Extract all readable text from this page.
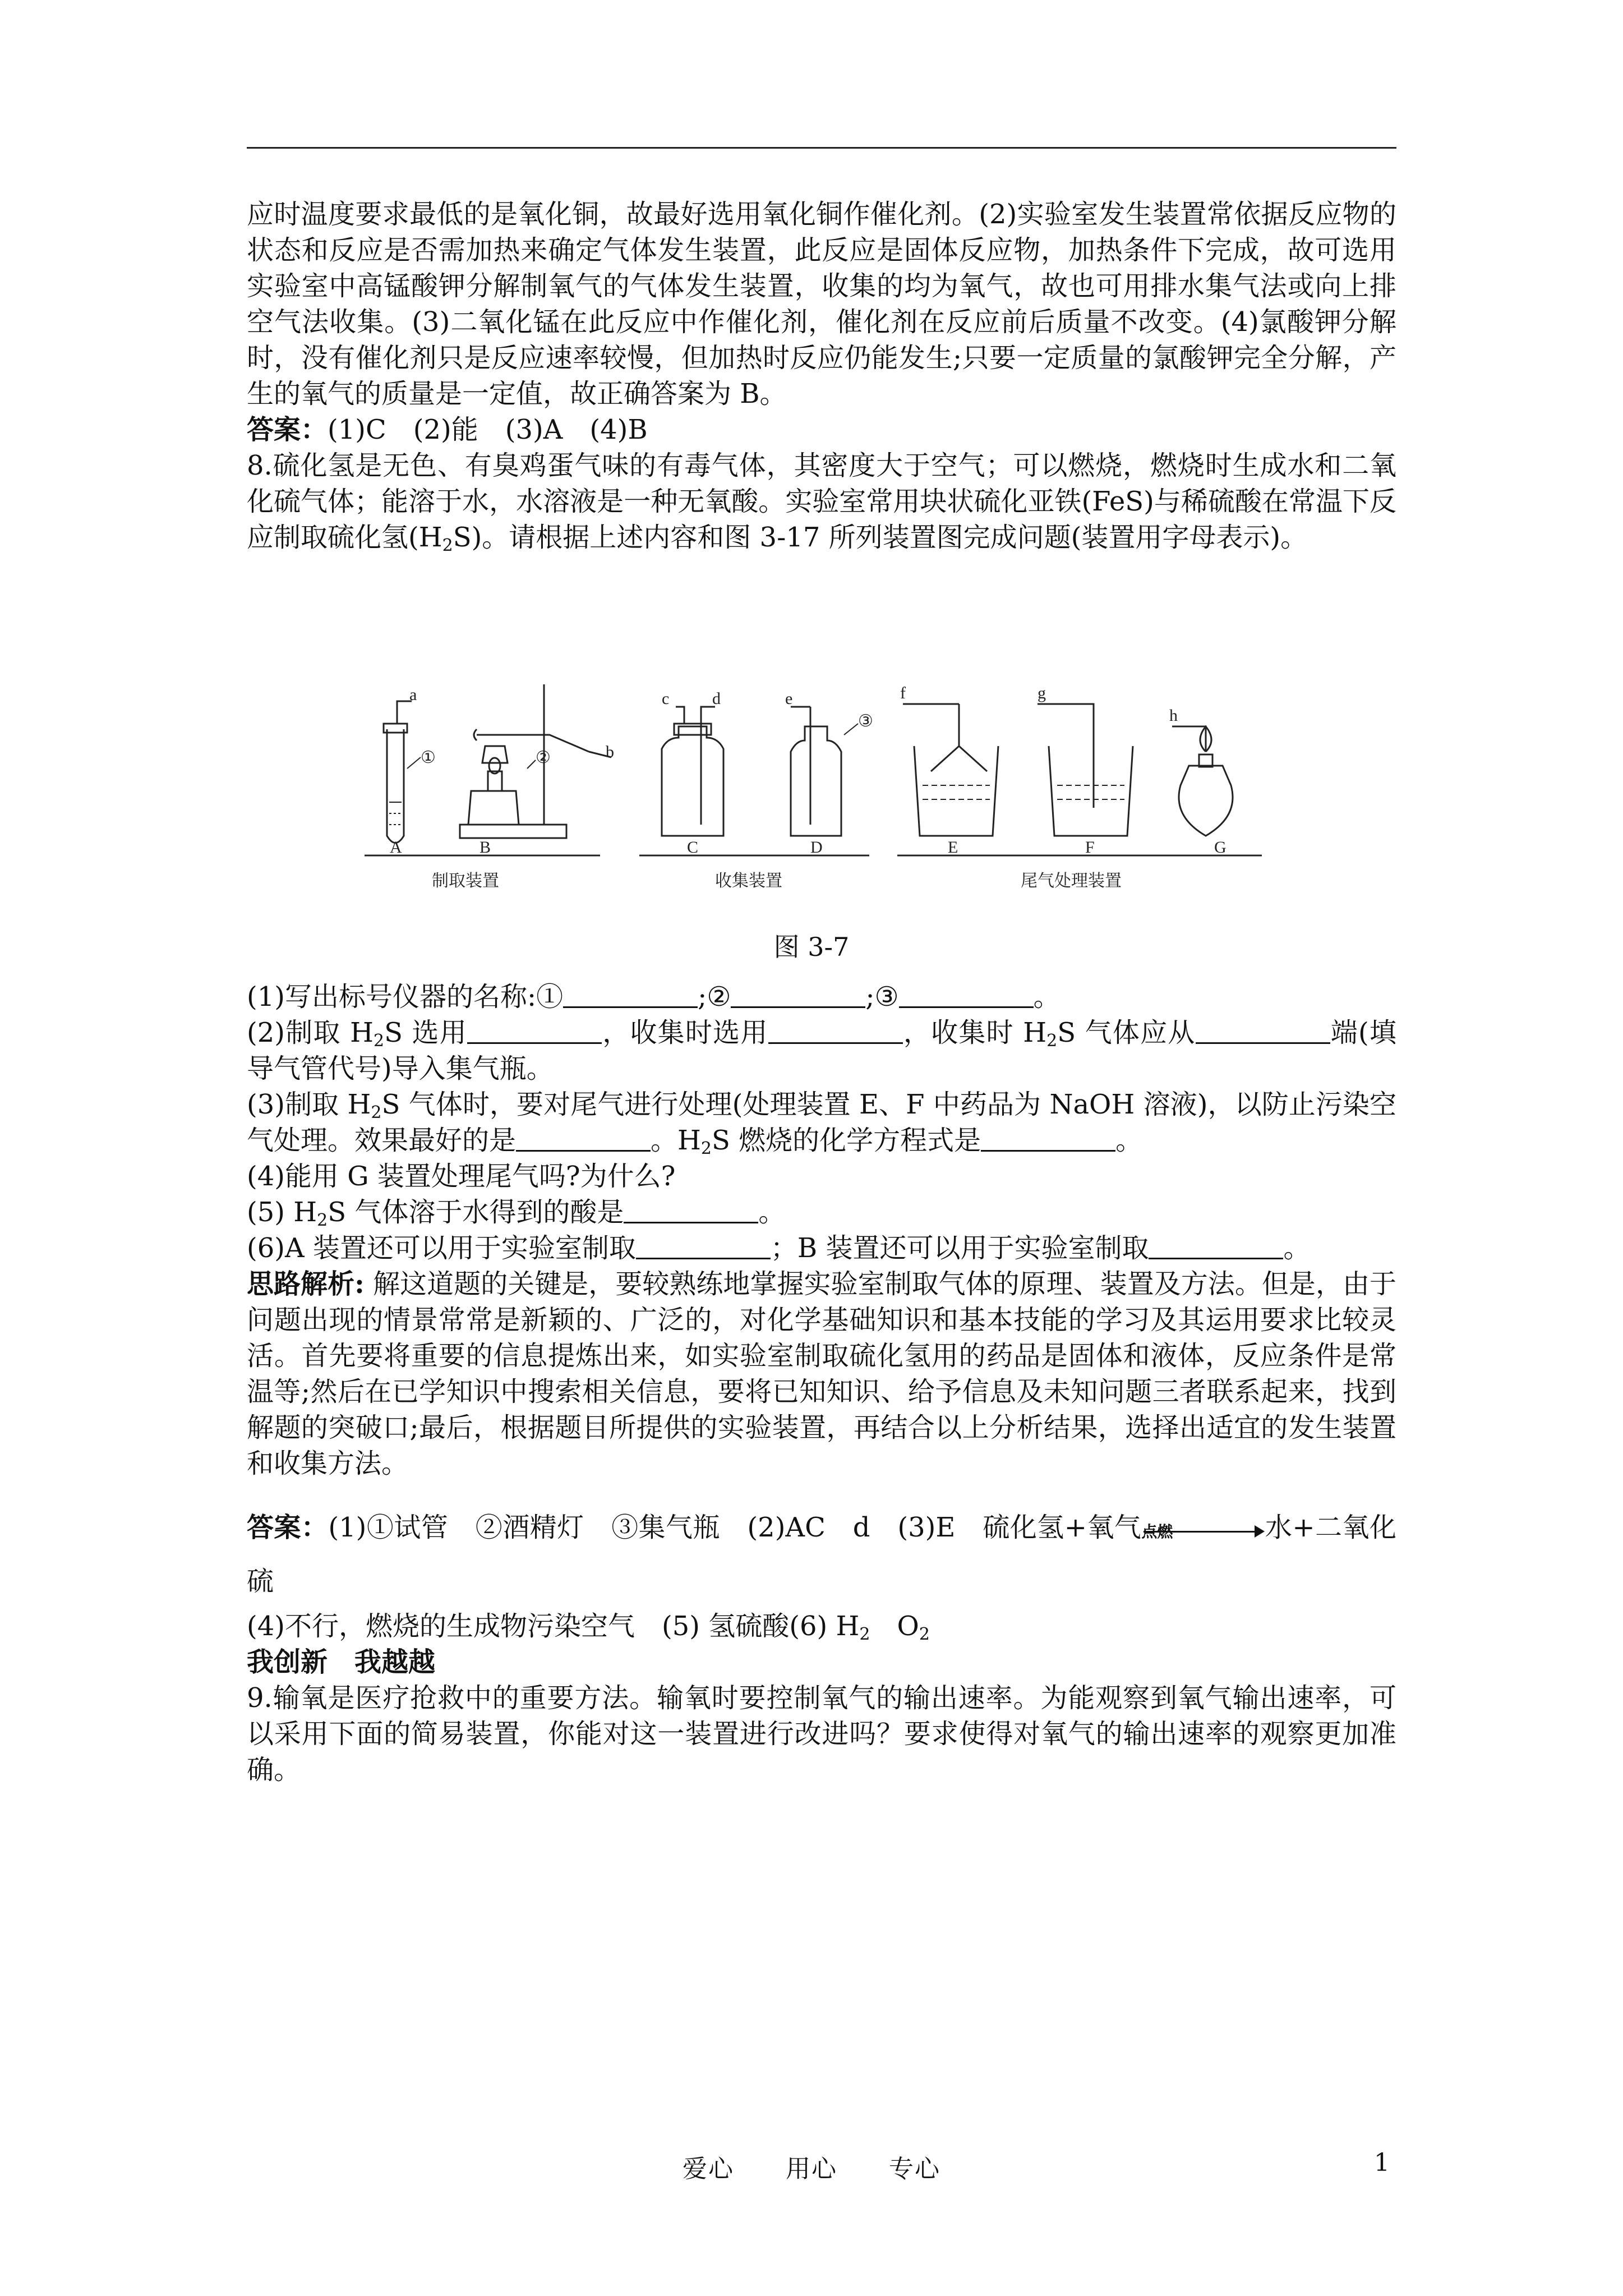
应时温度要求最低的是氧化铜，故最好选用氧化铜作催化剂。(2)实验室发生装置常依据反应物的状态和反应是否需加热来确定气体发生装置，此反应是固体反应物，加热条件下完成，故可选用实验室中高锰酸钾分解制氧气的气体发生装置，收集的均为氧气，故也可用排水集气法或向上排空气法收集。(3)二氧化锰在此反应中作催化剂，催化剂在反应前后质量不改变。(4)氯酸钾分解时，没有催化剂只是反应速率较慢，但加热时反应仍能发生;只要一定质量的氯酸钾完全分解，产生的氧气的质量是一定值，故正确答案为 B。

答案：(1)C　(2)能　(3)A　(4)B

8.硫化氢是无色、有臭鸡蛋气味的有毒气体，其密度大于空气；可以燃烧，燃烧时生成水和二氧化硫气体；能溶于水，水溶液是一种无氧酸。实验室常用块状硫化亚铁(FeS)与稀硫酸在常温下反应制取硫化氢$(H_2S)$。请根据上述内容和图 3-17 所列装置图完成问题(装置用字母表示)。

a
b
c	d	e	f	g
h
①	②
③
A	B	C	D	E	F	G
制取装置	收集装置	尾气处理装置
图 3-7

(1)写出标号仪器的名称:①	;②	;③	。

(2)制取 $H_2S$ 选用	，收集时选用	，收集时 $H_2S$ 气体应从	端(填导气管代号)导入集气瓶。

(3)制取 $H_2S$ 气体时，要对尾气进行处理(处理装置 E、F 中药品为 NaOH 溶液)，以防止污染空气处理。效果最好的是	。$H_2S$ 燃烧的化学方程式是	。

(4)能用 G 装置处理尾气吗?为什么?

(5) $H_2S$ 气体溶于水得到的酸是	。

(6)A 装置还可以用于实验室制取	；B 装置还可以用于实验室制取	。

思路解析: 解这道题的关键是，要较熟练地掌握实验室制取气体的原理、装置及方法。但是，由于问题出现的情景常常是新颖的、广泛的，对化学基础知识和基本技能的学习及其运用要求比较灵活。首先要将重要的信息提炼出来，如实验室制取硫化氢用的药品是固体和液体，反应条件是常温等;然后在已学知识中搜索相关信息，要将已知知识、给予信息及未知问题三者联系起来，找到解题的突破口;最后，根据题目所提供的实验装置，再结合以上分析结果，选择出适宜的发生装置和收集方法。

答案：(1)①试管　②酒精灯　③集气瓶　(2)AC　d　(3)E　硫化氢+氧气 点燃	水+二氧化硫

(4)不行，燃烧的生成物污染空气　(5) 氢硫酸(6) $H_2$　$O_2$

我创新　我越越

9.输氧是医疗抢救中的重要方法。输氧时要控制氧气的输出速率。为能观察到氧气输出速率，可以采用下面的简易装置，你能对这一装置进行改进吗？要求使得对氧气的输出速率的观察更加准确。

爱心　　用心　　专心	1
